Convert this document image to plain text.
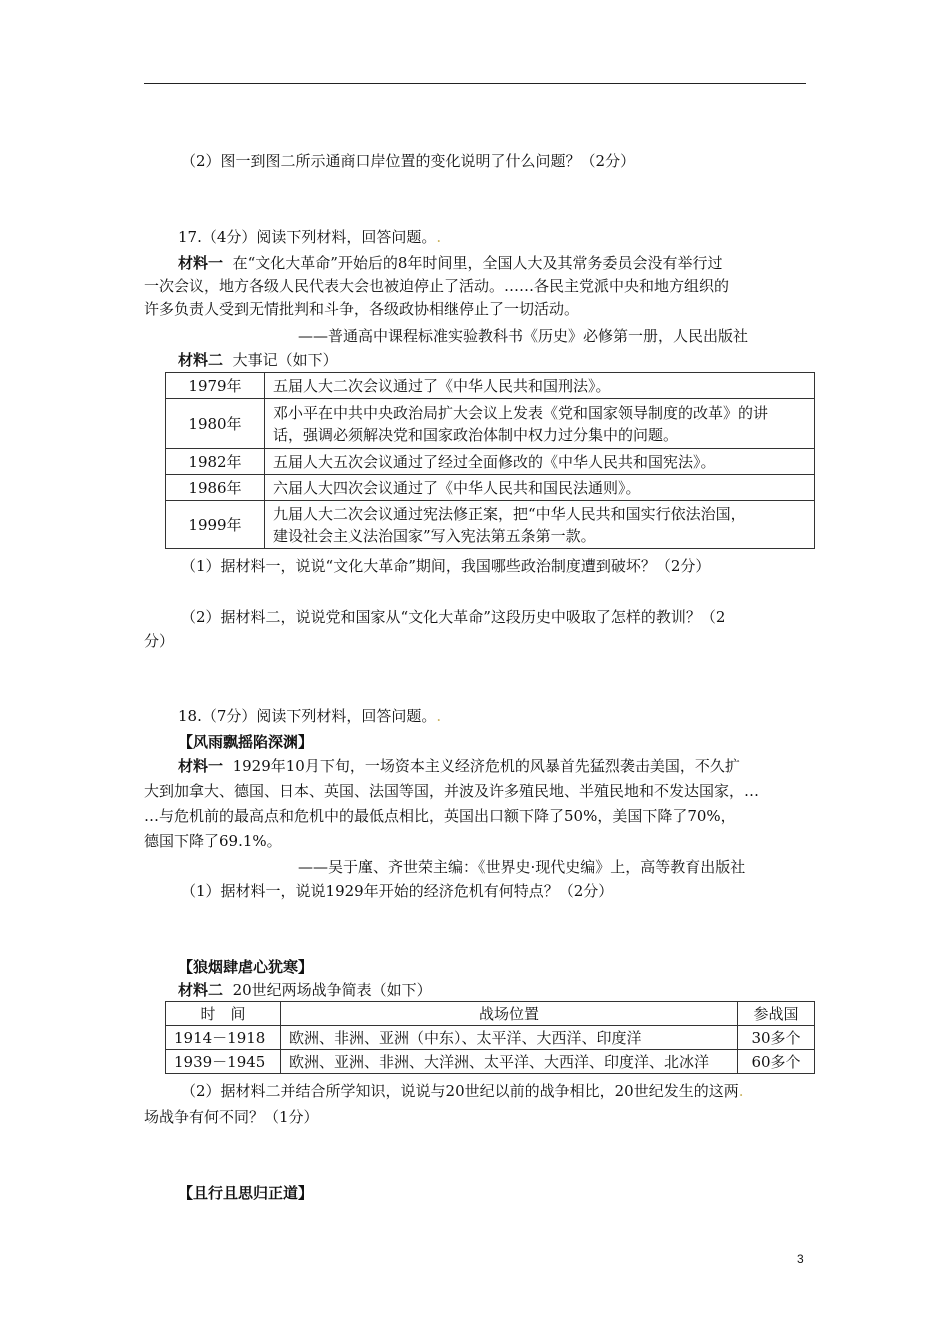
（2）图一到图二所示通商口岸位置的变化说明了什么问题？（2分）
17.（4分）阅读下列材料，回答问题。.
材料一 在“文化大革命”开始后的8年时间里，全国人大及其常务委员会没有举行过
一次会议，地方各级人民代表大会也被迫停止了活动。……各民主党派中央和地方组织的
许多负责人受到无情批判和斗争，各级政协相继停止了一切活动。
——普通高中课程标准实验教科书《历史》必修第一册，人民出版社
材料二 大事记（如下）
1979年	五届人大二次会议通过了《中华人民共和国刑法》。
1980年	邓小平在中共中央政治局扩大会议上发表《党和国家领导制度的改革》的讲
话，强调必须解决党和国家政治体制中权力过分集中的问题。

1982年	五届人大五次会议通过了经过全面修改的《中华人民共和国宪法》。
1986年	六届人大四次会议通过了《中华人民共和国民法通则》。
1999年	九届人大二次会议通过宪法修正案，把“中华人民共和国实行依法治国，
建设社会主义法治国家”写入宪法第五条第一款。
（1）据材料一，说说“文化大革命”期间，我国哪些政治制度遭到破坏？（2分）
（2）据材料二，说说党和国家从“文化大革命”这段历史中吸取了怎样的教训？（2
分）
18.（7分）阅读下列材料，回答问题。.
【风雨飘摇陷深渊】
材料一 1929年10月下旬，一场资本主义经济危机的风暴首先猛烈袭击美国，不久扩
大到加拿大、德国、日本、英国、法国等国，并波及许多殖民地、半殖民地和不发达国家，…
…与危机前的最高点和危机中的最低点相比，英国出口额下降了50%，美国下降了70%，
德国下降了69.1%。
——吴于廑、齐世荣主编：《世界史·现代史编》上，高等教育出版社
（1）据材料一，说说1929年开始的经济危机有何特点？（2分）
【狼烟肆虐心犹寒】
材料二 20世纪两场战争简表（如下）
时　间	战场位置	参战国
1914－1918	欧洲、非洲、亚洲（中东）、太平洋、大西洋、印度洋	30多个
1939－1945	欧洲、亚洲、非洲、大洋洲、太平洋、大西洋、印度洋、北冰洋	60多个
（2）据材料二并结合所学知识，说说与20世纪以前的战争相比，20世纪发生的这两.
场战争有何不同？（1分）
【且行且思归正道】
3
